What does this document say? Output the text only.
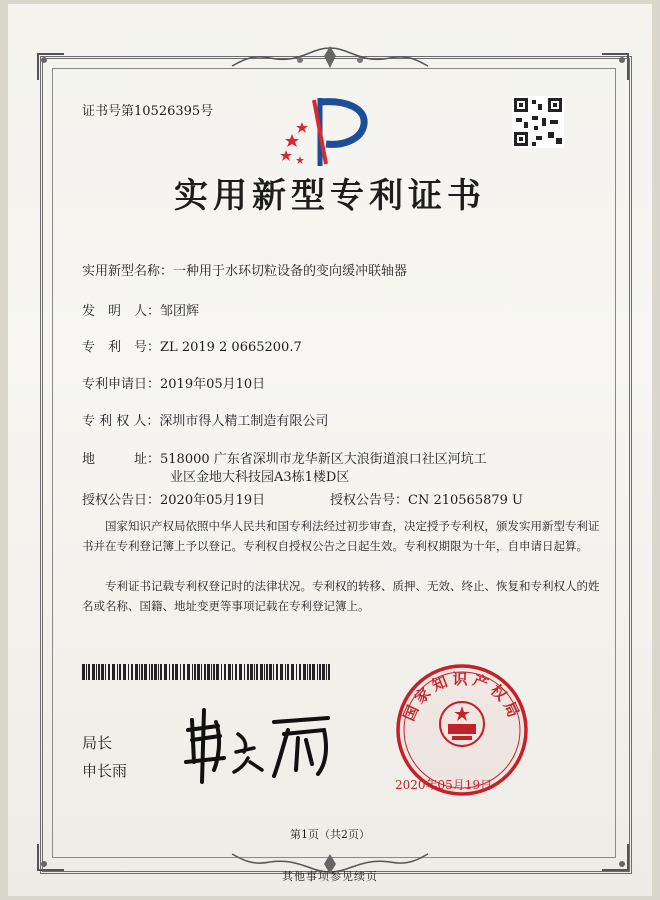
证书号第10526395号
实用新型专利证书
实用新型名称：一种用于水环切粒设备的变向缓冲联轴器
发　明　人：邹团辉
专　利　号：ZL 2019 2 0665200.7
专利申请日：2019年05月10日
专 利 权 人：深圳市得人精工制造有限公司
地　　　址：518000 广东省深圳市龙华新区大浪街道浪口社区河坑工
业区金地大科技园A3栋1楼D区
授权公告日：2020年05月19日	授权公告号：CN 210565879 U
　　国家知识产权局依照中华人民共和国专利法经过初步审查，决定授予专利权，颁发实用新型专利证书并在专利登记簿上予以登记。专利权自授权公告之日起生效。专利权期限为十年，自申请日起算。
　　专利证书记载专利权登记时的法律状况。专利权的转移、质押、无效、终止、恢复和专利权人的姓名或名称、国籍、地址变更等事项记载在专利登记簿上。
局长
申长雨
国家知识产权局
2020年05月19日
第1页（共2页）
其他事项参见续页
